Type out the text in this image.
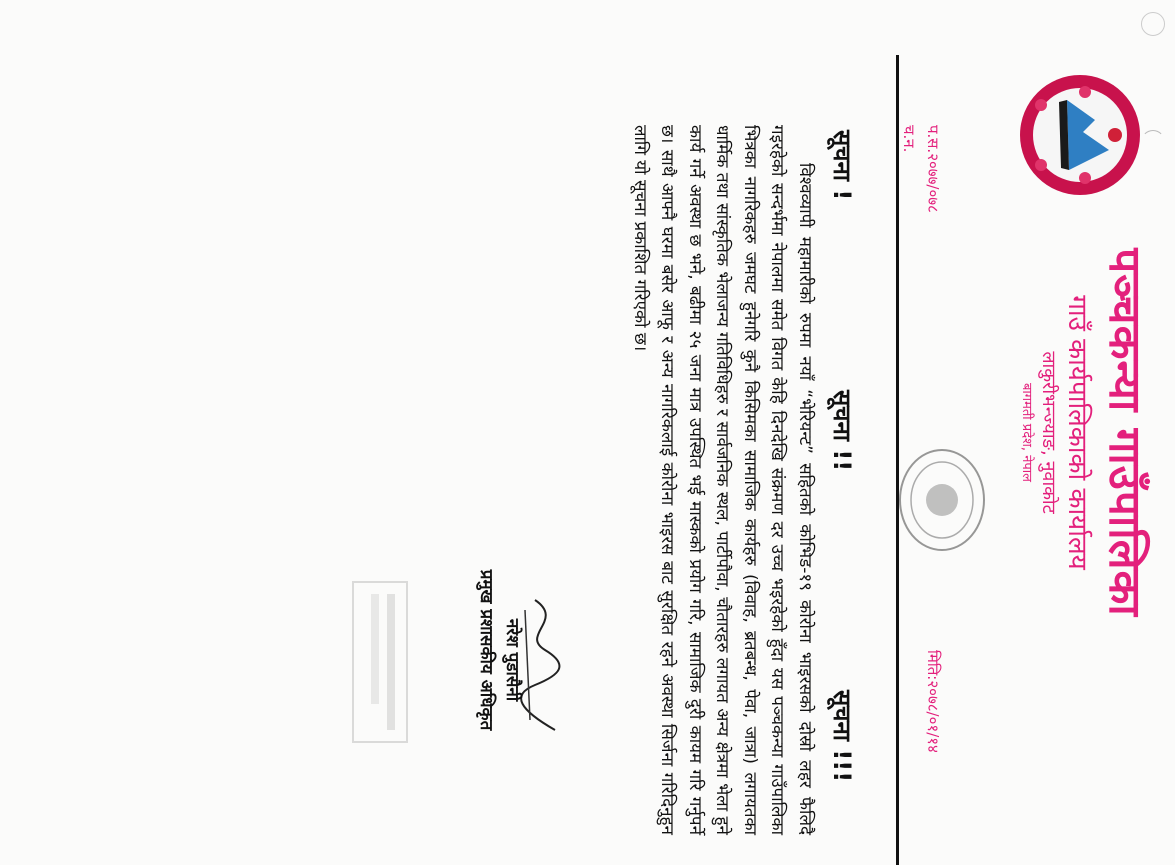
पञ्चकन्या गाउँपालिका
गाउँ कार्यपालिकाको कार्यालय
लाकुरीभन्ज्याङ, नुवाकोट
बागमती प्रदेश, नेपाल
प.स.२०७७/०७८
च.न.
मिति:२०७८/०१/१४
सूचना !
सूचना !!
सूचना !!!
विश्वव्यापी महामारीको रुपमा नयाँ “भेरियन्ट” सहितको कोभिड-१९ कोरोना भाइरसको दोस्रो लहर फैलिदै गइरहेको सन्दर्भमा नेपालमा समेत विगत केहि दिनदेखि संक्रमण दर उच्च भइरहेको हुँदा यस पञ्चकन्या गाउँपालिका भित्रका नागरिकहरु जमघट हुनेगरि कुनै किसिमका सामाजिक कार्यहरु (विवाह, ब्रतबन्ध, पेवा, जात्रा) लगायतका धार्मिक तथा सांस्कृतिक भेलाजन्य गतिविधिहरु र सार्वजनिक स्थल, पार्टीपौवा, चौतारहरु लगायत अन्य क्षेत्रमा भेला हुने कार्य गर्ने अवस्था छ भने, बढीमा २५ जना मात्र उपस्थित भई मास्कको प्रयोग गरि, सामाजिक दुरी कायम गरि गर्नुपर्ने छ। साथै आफ्नै घरमा बसेर आफू र अन्य नागरिकलाई कोरोना भाइरस बाट सुरक्षित रहने अवस्था सिर्जना गरिदिनुहुन लागि यो सूचना प्रकाशित गरिएको छ।
नरेश पुडासैनी
प्रमुख प्रशासकीय अधिकृत
